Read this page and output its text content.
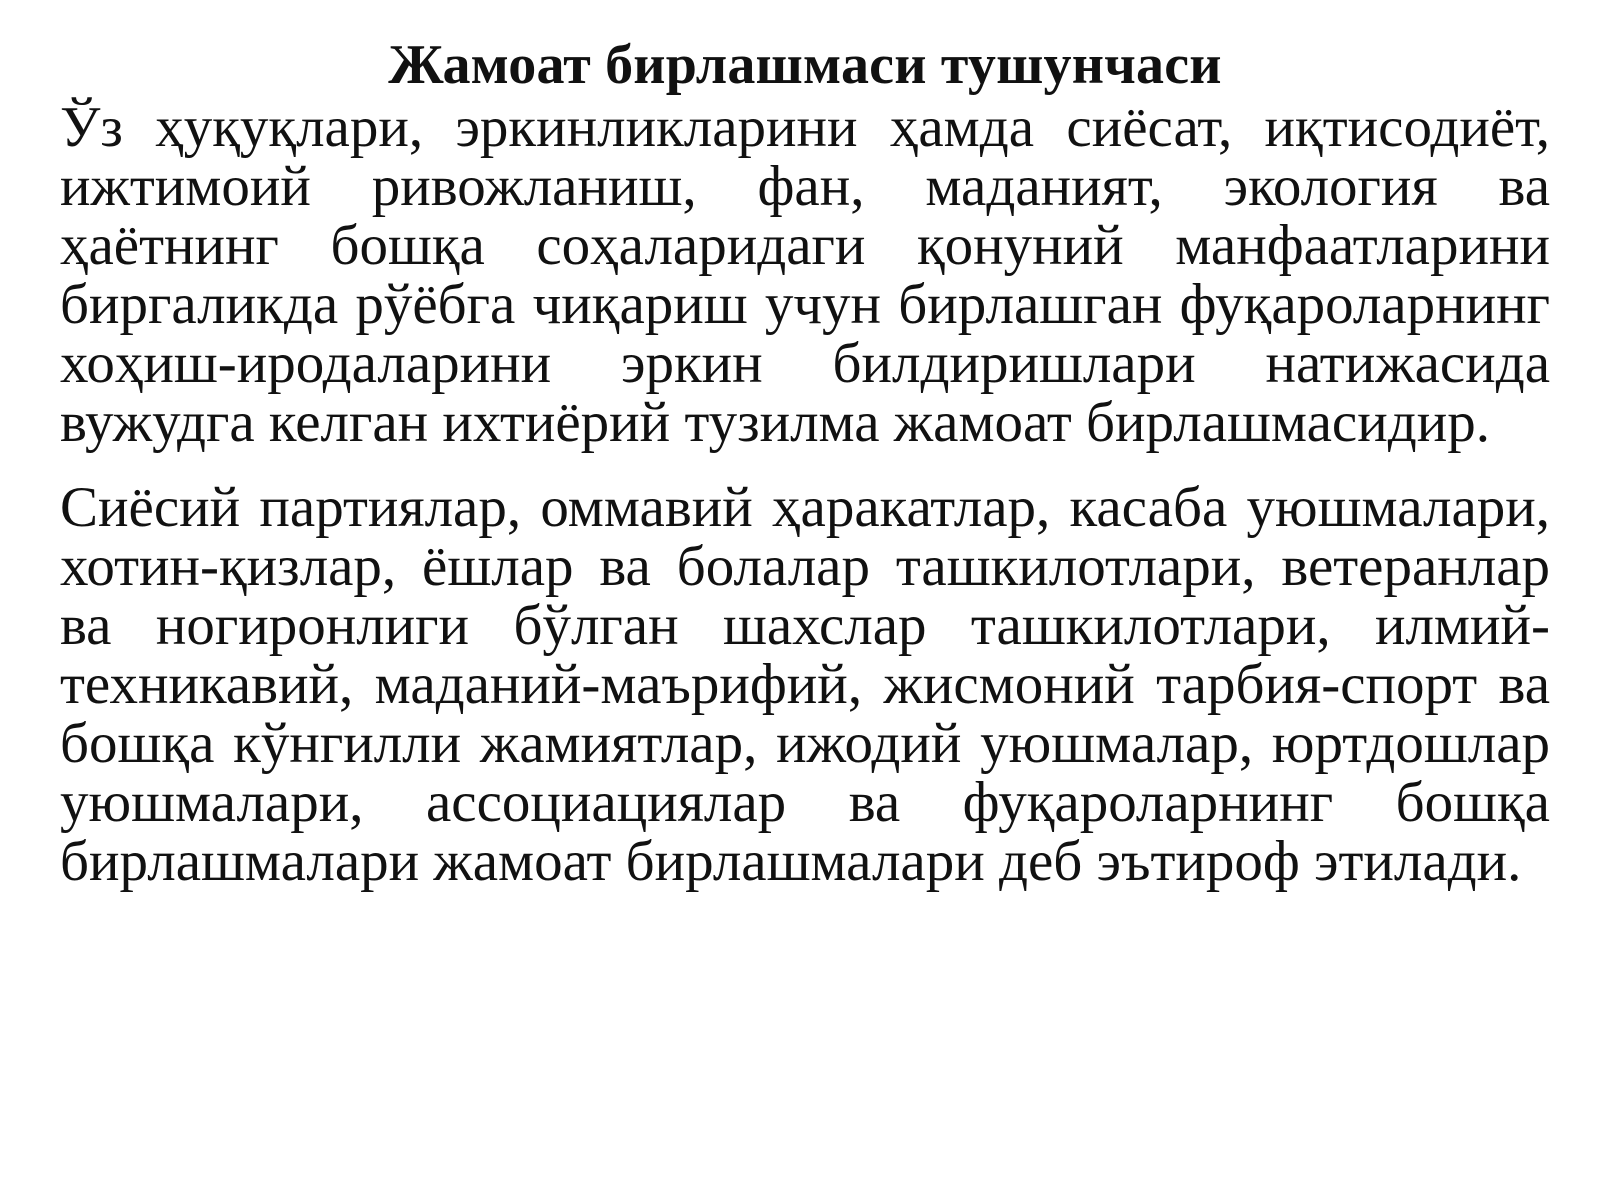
Жамоат бирлашмаси тушунчаси

Ўз ҳуқуқлари, эркинликларини ҳамда сиёсат, иқтисодиёт, ижтимоий ривожланиш, фан, маданият, экология ва ҳаётнинг бошқа соҳаларидаги қонуний манфаатларини биргаликда рўёбга чиқариш учун бирлашган фуқароларнинг хоҳиш-иродаларини эркин билдиришлари натижасида вужудга келган ихтиёрий тузилма жамоат бирлашмасидир.

Сиёсий партиялар, оммавий ҳаракатлар, касаба уюшмалари, хотин-қизлар, ёшлар ва болалар ташкилотлари, ветеранлар ва ногиронлиги бўлган шахслар ташкилотлари, илмий-техникавий, маданий-маърифий, жисмоний тарбия-спорт ва бошқа кўнгилли жамиятлар, ижодий уюшмалар, юртдошлар уюшмалари, ассоциациялар ва фуқароларнинг бошқа бирлашмалари жамоат бирлашмалари деб эътироф этилади.
